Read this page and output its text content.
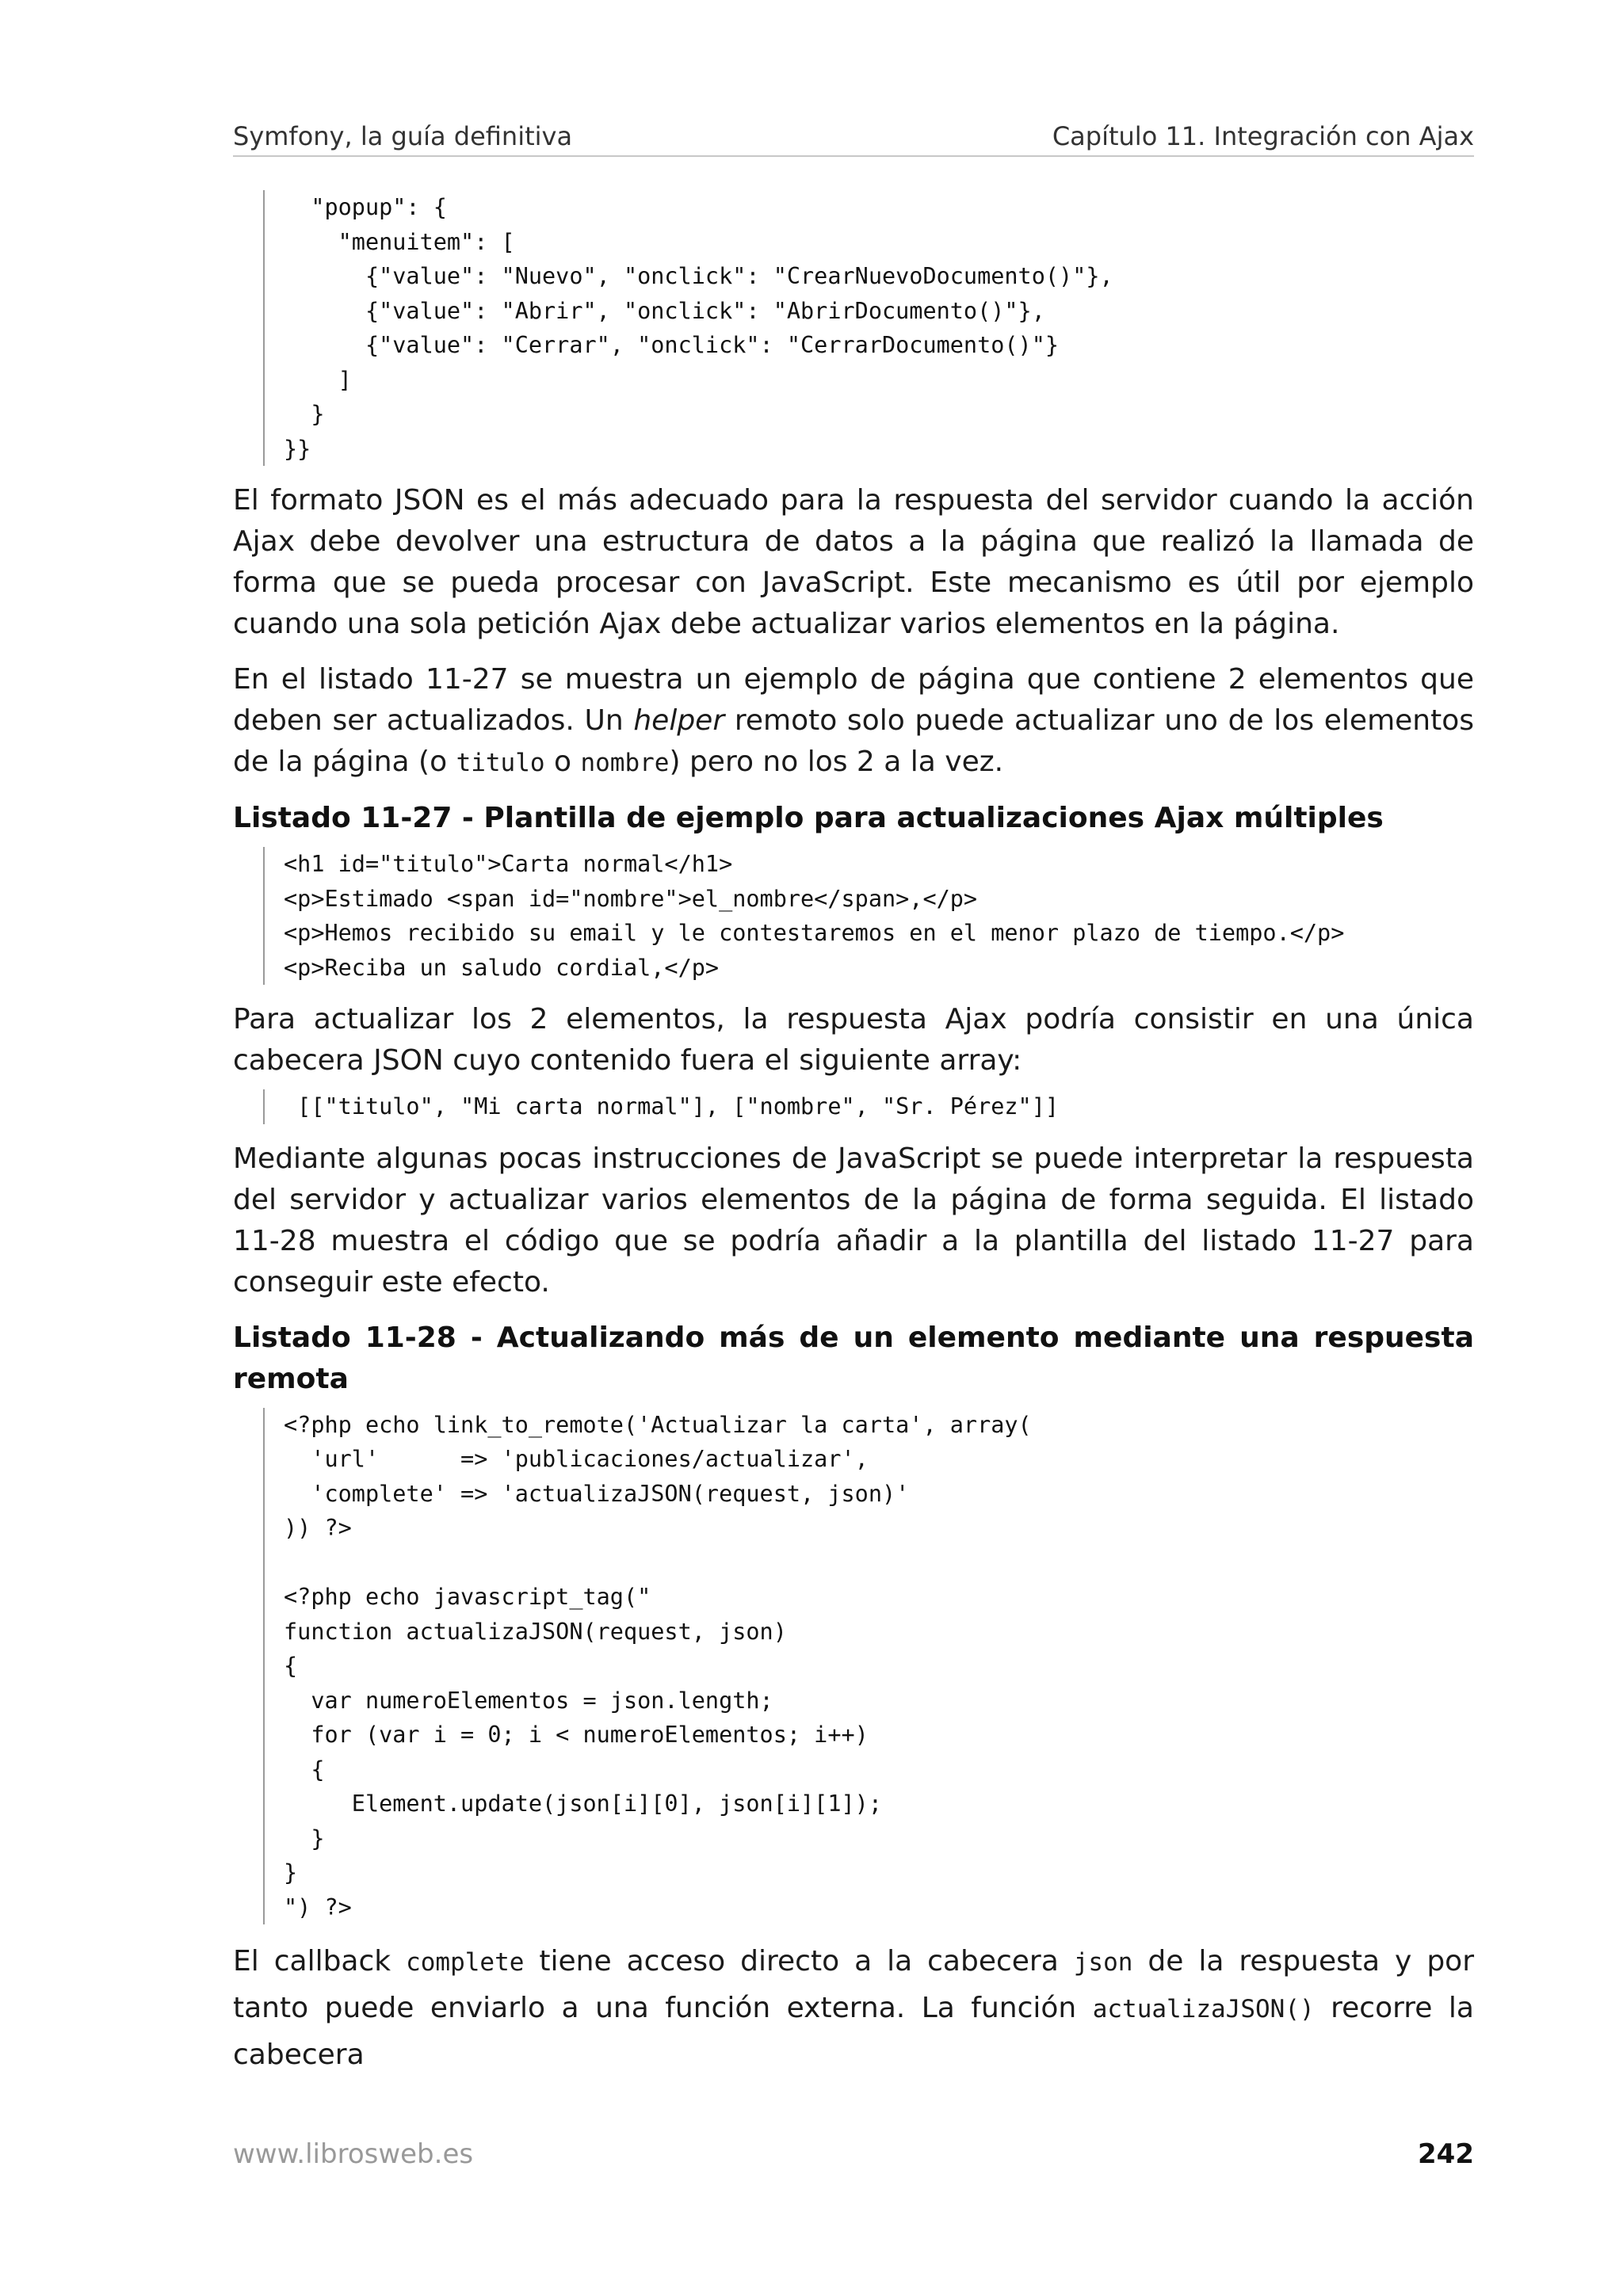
Symfony, la guía definitiva	Capítulo 11. Integración con Ajax
"popup": {
"menuitem": [
{"value": "Nuevo", "onclick": "CrearNuevoDocumento()"},
{"value": "Abrir", "onclick": "AbrirDocumento()"},
{"value": "Cerrar", "onclick": "CerrarDocumento()"}
]
}
}}

El formato JSON es el más adecuado para la respuesta del servidor cuando la acción Ajax debe devolver una estructura de datos a la página que realizó la llamada de forma que se pueda procesar con JavaScript. Este mecanismo es útil por ejemplo cuando una sola petición Ajax debe actualizar varios elementos en la página.

En el listado 11-27 se muestra un ejemplo de página que contiene 2 elementos que deben ser actualizados. Un helper remoto solo puede actualizar uno de los elementos de la página (o titulo o nombre) pero no los 2 a la vez.

Listado 11-27 - Plantilla de ejemplo para actualizaciones Ajax múltiples
<h1 id="titulo">Carta normal</h1>
<p>Estimado <span id="nombre">el_nombre</span>,</p>
<p>Hemos recibido su email y le contestaremos en el menor plazo de tiempo.</p>
<p>Reciba un saludo cordial,</p>

Para actualizar los 2 elementos, la respuesta Ajax podría consistir en una única cabecera JSON cuyo contenido fuera el siguiente array:

[["titulo", "Mi carta normal"], ["nombre", "Sr. Pérez"]]

Mediante algunas pocas instrucciones de JavaScript se puede interpretar la respuesta del servidor y actualizar varios elementos de la página de forma seguida. El listado 11-28 muestra el código que se podría añadir a la plantilla del listado 11-27 para conseguir este efecto.

Listado 11-28 - Actualizando más de un elemento mediante una respuesta remota
<?php echo link_to_remote('Actualizar la carta', array(
'url'      => 'publicaciones/actualizar',
'complete' => 'actualizaJSON(request, json)'
)) ?>

<?php echo javascript_tag("
function actualizaJSON(request, json)
{
var numeroElementos = json.length;
for (var i = 0; i < numeroElementos; i++)
{
Element.update(json[i][0], json[i][1]);
}
}
") ?>

El callback complete tiene acceso directo a la cabecera json de la respuesta y por tanto puede enviarlo a una función externa. La función actualizaJSON() recorre la cabecera

www.librosweb.es	242
